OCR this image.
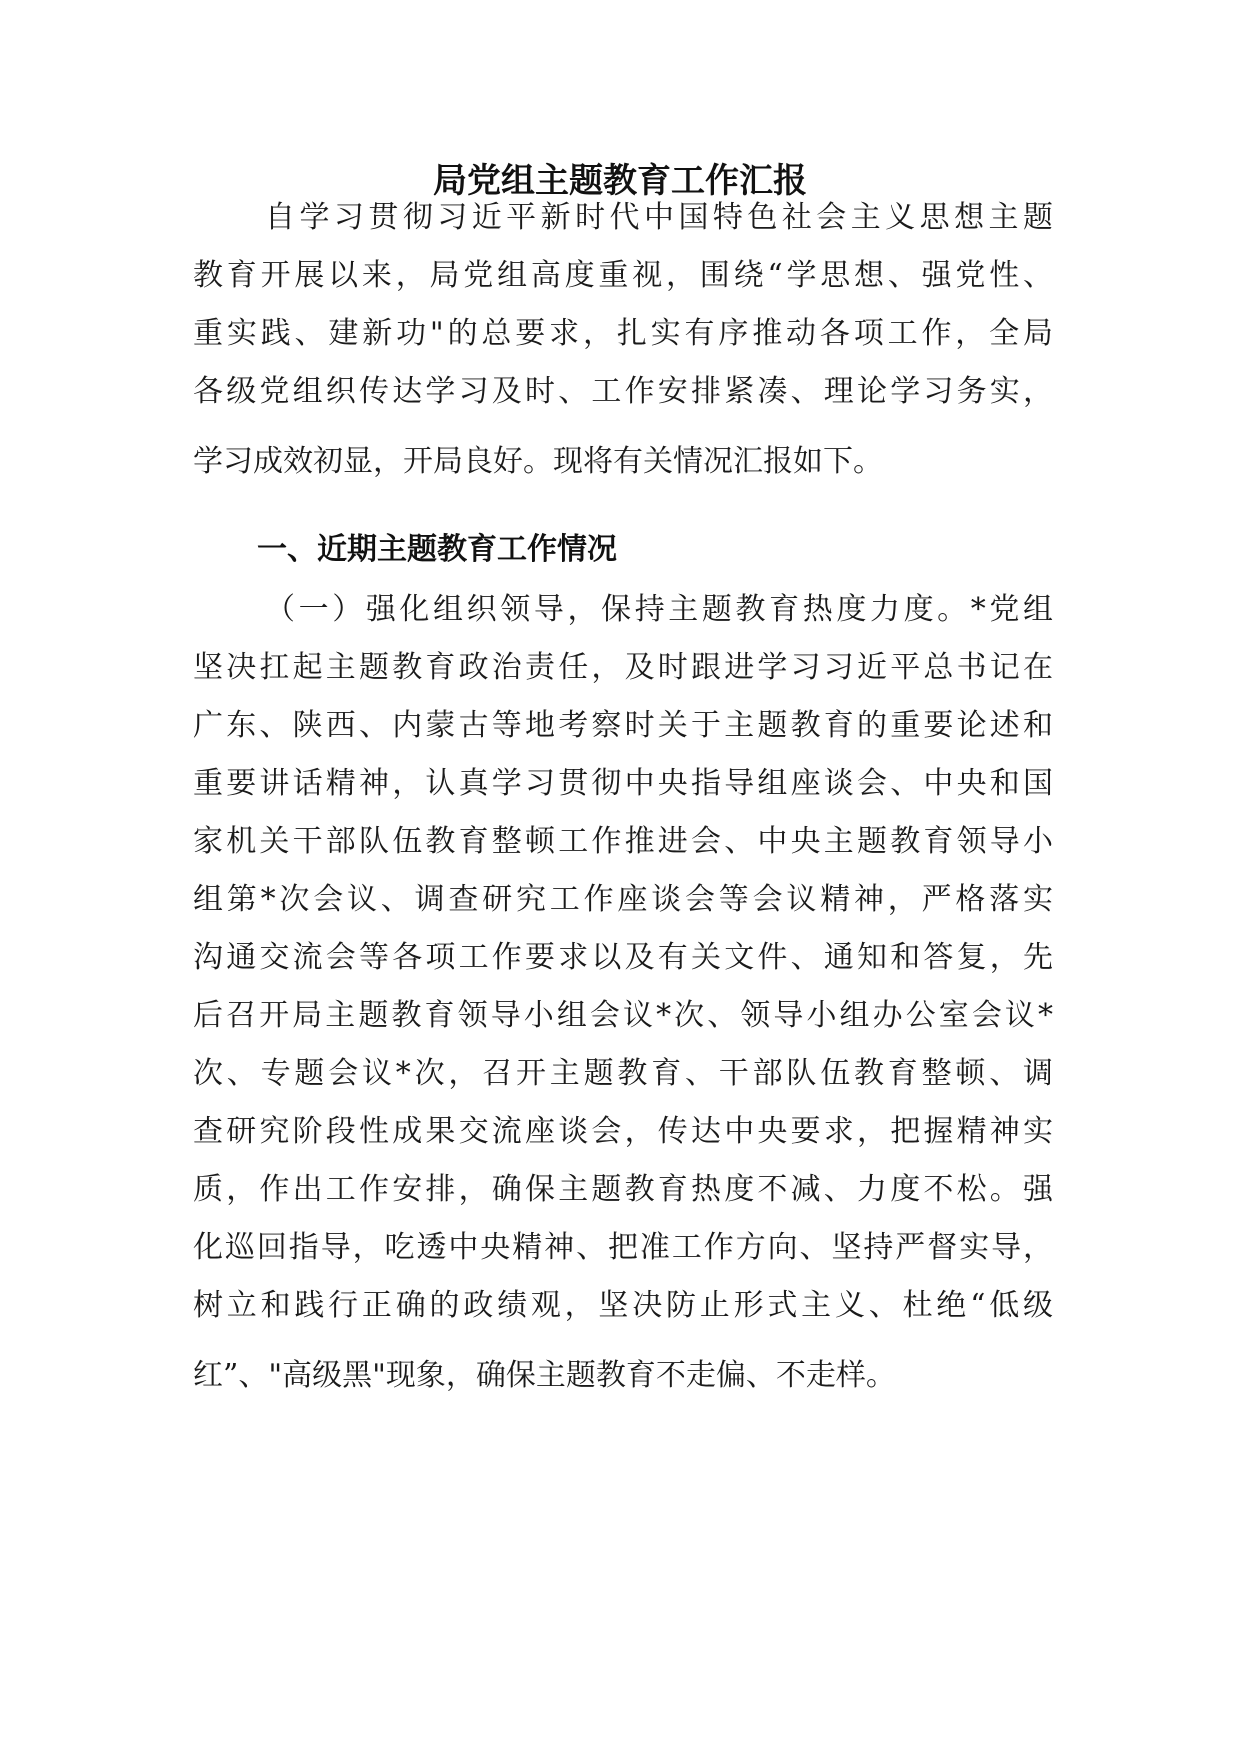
局党组主题教育工作汇报

自学习贯彻习近平新时代中国特色社会主义思想主题

教育开展以来，局党组高度重视，围绕“学思想、强党性、

重实践、建新功"的总要求，扎实有序推动各项工作，全局

各级党组织传达学习及时、工作安排紧凑、理论学习务实，

学习成效初显，开局良好。现将有关情况汇报如下。

一、近期主题教育工作情况

（一）强化组织领导，保持主题教育热度力度。*党组

坚决扛起主题教育政治责任，及时跟进学习习近平总书记在

广东、陕西、内蒙古等地考察时关于主题教育的重要论述和

重要讲话精神，认真学习贯彻中央指导组座谈会、中央和国

家机关干部队伍教育整顿工作推进会、中央主题教育领导小

组第*次会议、调查研究工作座谈会等会议精神，严格落实

沟通交流会等各项工作要求以及有关文件、通知和答复，先

后召开局主题教育领导小组会议*次、领导小组办公室会议*

次、专题会议*次，召开主题教育、干部队伍教育整顿、调

查研究阶段性成果交流座谈会，传达中央要求，把握精神实

质，作出工作安排，确保主题教育热度不减、力度不松。强

化巡回指导，吃透中央精神、把准工作方向、坚持严督实导，

树立和践行正确的政绩观，坚决防止形式主义、杜绝“低级

红”、"高级黑"现象，确保主题教育不走偏、不走样。
